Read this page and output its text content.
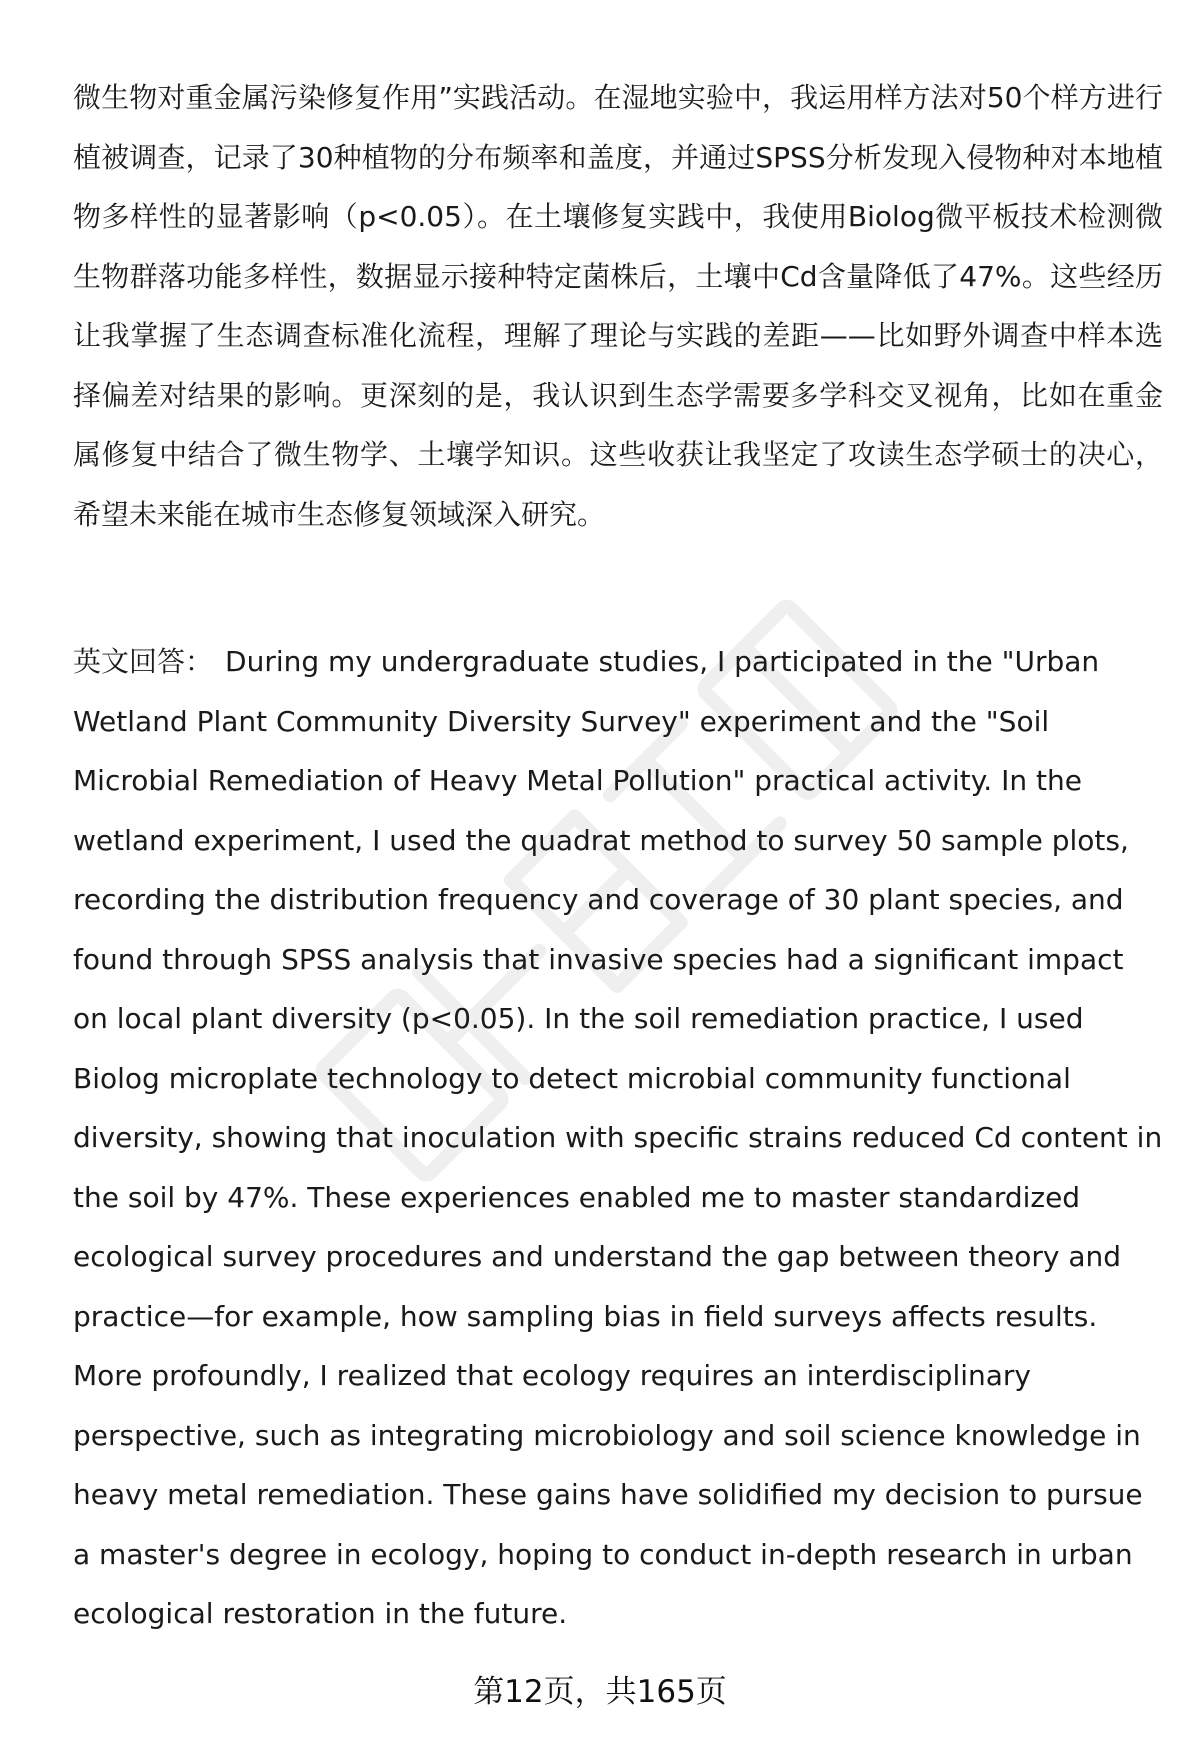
微生物对重金属污染修复作用”实践活动。在湿地实验中，我运用样方法对50个样方进行植被调查，记录了30种植物的分布频率和盖度，并通过SPSS分析发现入侵物种对本地植物多样性的显著影响（p<0.05）。在土壤修复实践中，我使用Biolog微平板技术检测微生物群落功能多样性，数据显示接种特定菌株后，土壤中Cd含量降低了47%。这些经历让我掌握了生态调查标准化流程，理解了理论与实践的差距——比如野外调查中样本选择偏差对结果的影响。更深刻的是，我认识到生态学需要多学科交叉视角，比如在重金属修复中结合了微生物学、土壤学知识。这些收获让我坚定了攻读生态学硕士的决心，希望未来能在城市生态修复领域深入研究。
英文回答： During my undergraduate studies, I participated in the "Urban Wetland Plant Community Diversity Survey" experiment and the "Soil Microbial Remediation of Heavy Metal Pollution" practical activity. In the wetland experiment, I used the quadrat method to survey 50 sample plots, recording the distribution frequency and coverage of 30 plant species, and found through SPSS analysis that invasive species had a significant impact on local plant diversity (p<0.05). In the soil remediation practice, I used Biolog microplate technology to detect microbial community functional diversity, showing that inoculation with specific strains reduced Cd content in the soil by 47%. These experiences enabled me to master standardized ecological survey procedures and understand the gap between theory and practice—for example, how sampling bias in field surveys affects results. More profoundly, I realized that ecology requires an interdisciplinary perspective, such as integrating microbiology and soil science knowledge in heavy metal remediation. These gains have solidified my decision to pursue a master's degree in ecology, hoping to conduct in-depth research in urban ecological restoration in the future.
第12页，共165页
